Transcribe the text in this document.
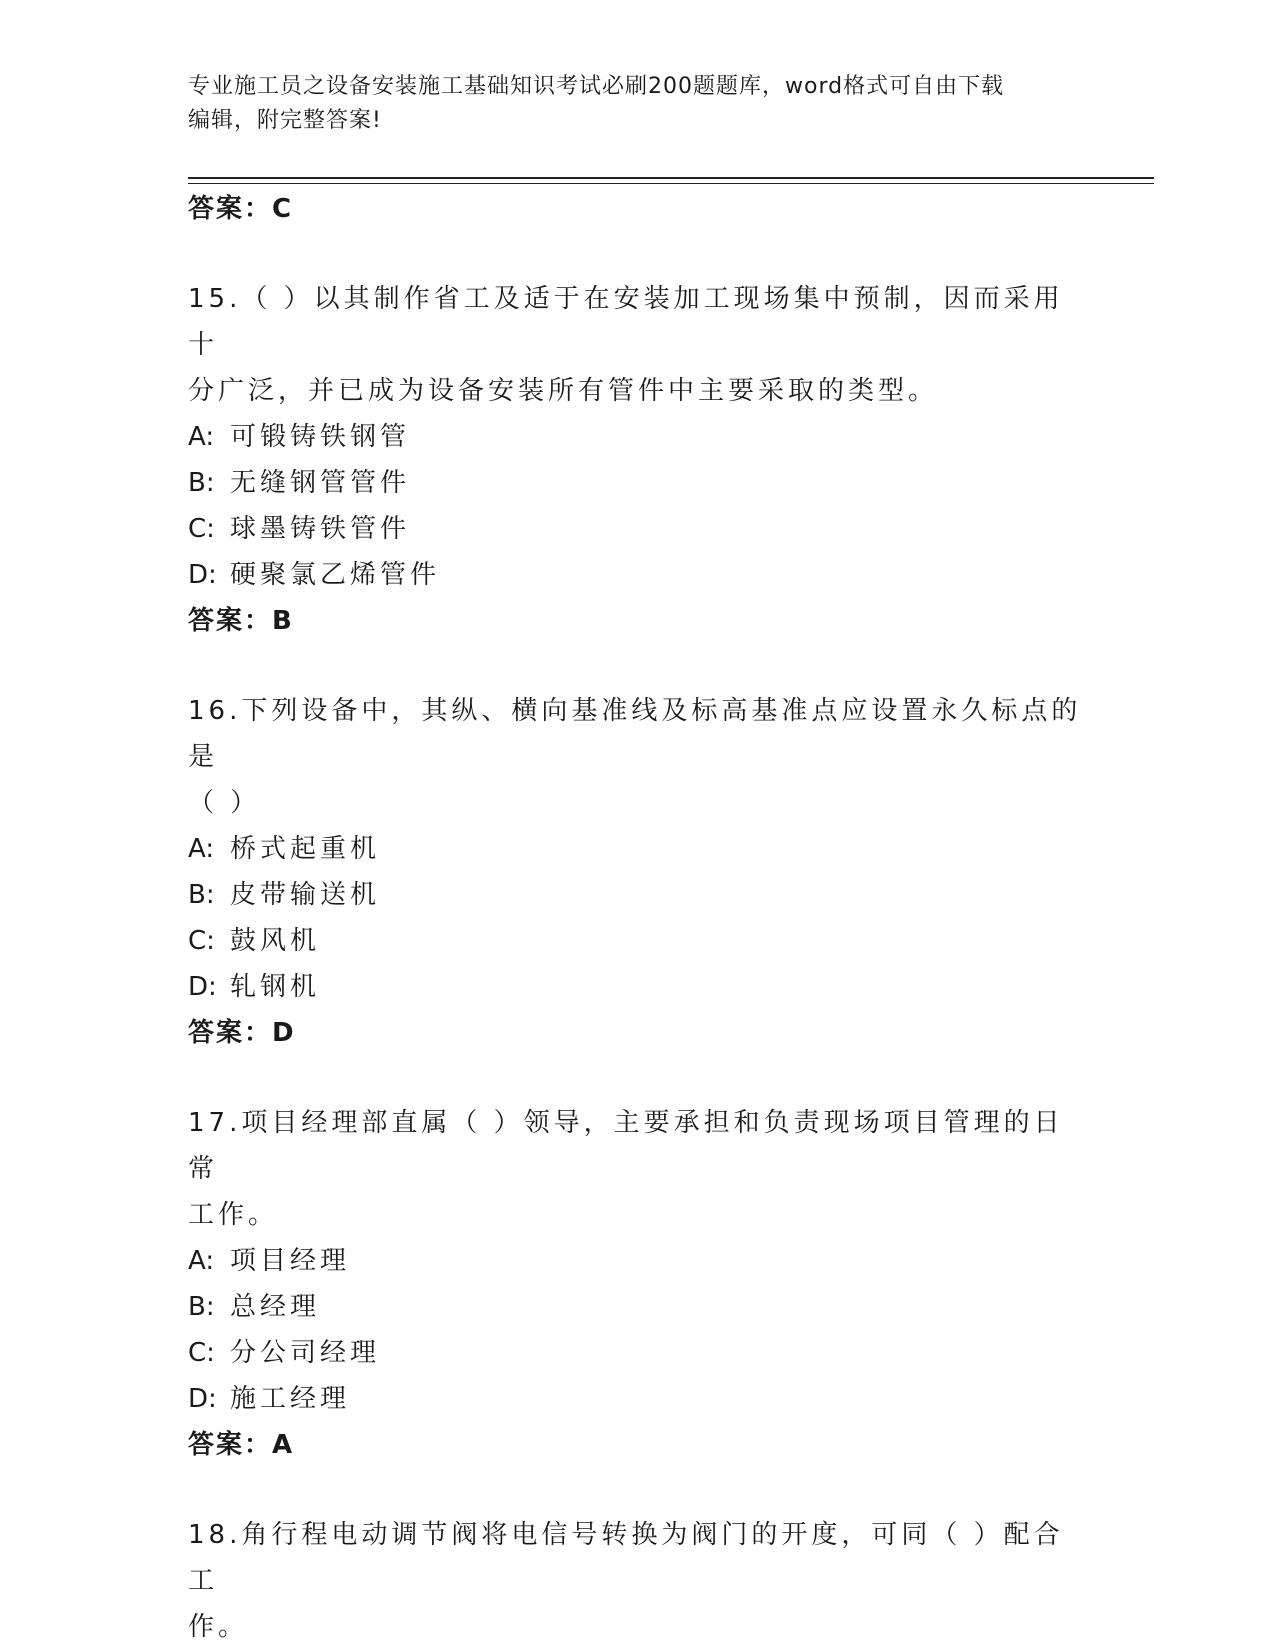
专业施工员之设备安装施工基础知识考试必刷200题题库，word格式可自由下载
编辑，附完整答案!
答案：C
15.（ ）以其制作省工及适于在安装加工现场集中预制，因而采用十
分广泛，并已成为设备安装所有管件中主要采取的类型。
A: 可锻铸铁钢管
B: 无缝钢管管件
C: 球墨铸铁管件
D: 硬聚氯乙烯管件
答案：B
16.下列设备中，其纵、横向基准线及标高基准点应设置永久标点的是
（ ）
A: 桥式起重机
B: 皮带输送机
C: 鼓风机
D: 轧钢机
答案：D
17.项目经理部直属（ ）领导，主要承担和负责现场项目管理的日常
工作。
A: 项目经理
B: 总经理
C: 分公司经理
D: 施工经理
答案：A
18.角行程电动调节阀将电信号转换为阀门的开度，可同（ ）配合工
作。
